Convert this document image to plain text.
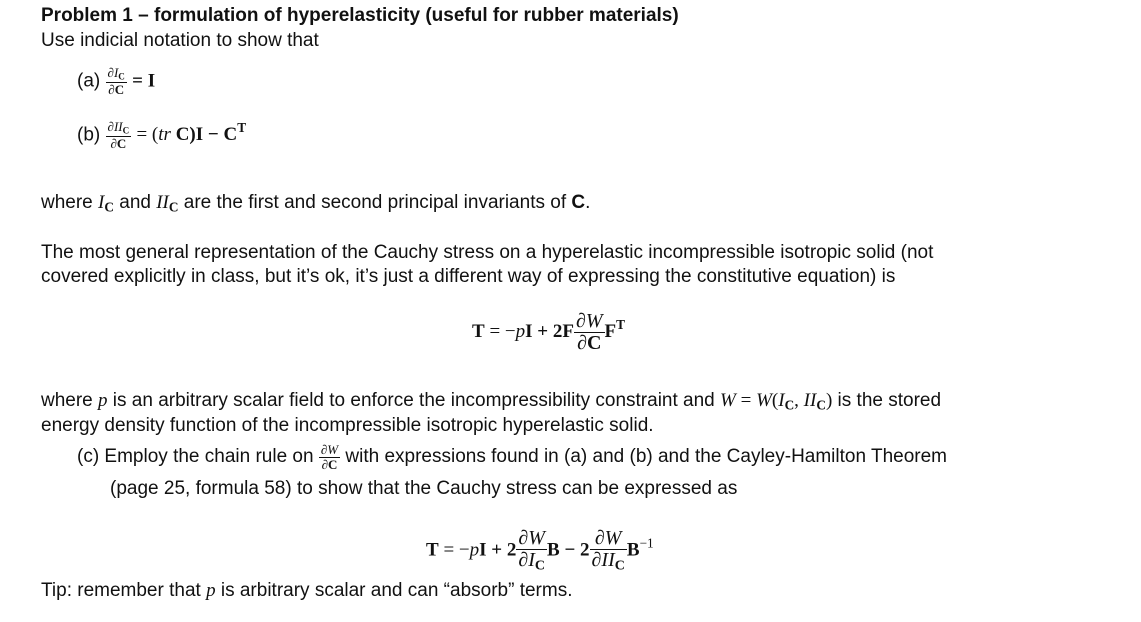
Problem 1 – formulation of hyperelasticity (useful for rubber materials)
Use indicial notation to show that
$(a) \frac{\partial I_C}{\partial C} = I$
$(b) \frac{\partial II_C}{\partial C} = (tr$ $C)I - C^T$
where $I_C$ and $II_C$ are the first and second principal invariants of C.
The most general representation of the Cauchy stress on a hyperelastic incompressible isotropic solid (not
covered explicitly in class, but it’s ok, it’s just a different way of expressing the constitutive equation) is
$T = -pI + 2F \frac{\partial W}{\partial C} F^T$
where p is an arbitrary scalar field to enforce the incompressibility constraint and $W = W(I_C$, $II_C$) is the stored
energy density function of the incompressible isotropic hyperelastic solid.
(c) Employ the chain rule on $\frac{\partial W}{\partial C}$ with expressions found in (a) and (b) and the Cayley-Hamilton Theorem
(page 25, formula 58) to show that the Cauchy stress can be expressed as
$T = -pI + 2 \frac{\partial W}{\partial I_C}$ $B - 2 \frac{\partial W}{\partial II_C} B^{-1}$
Tip: remember that p is arbitrary scalar and can “absorb” terms.
